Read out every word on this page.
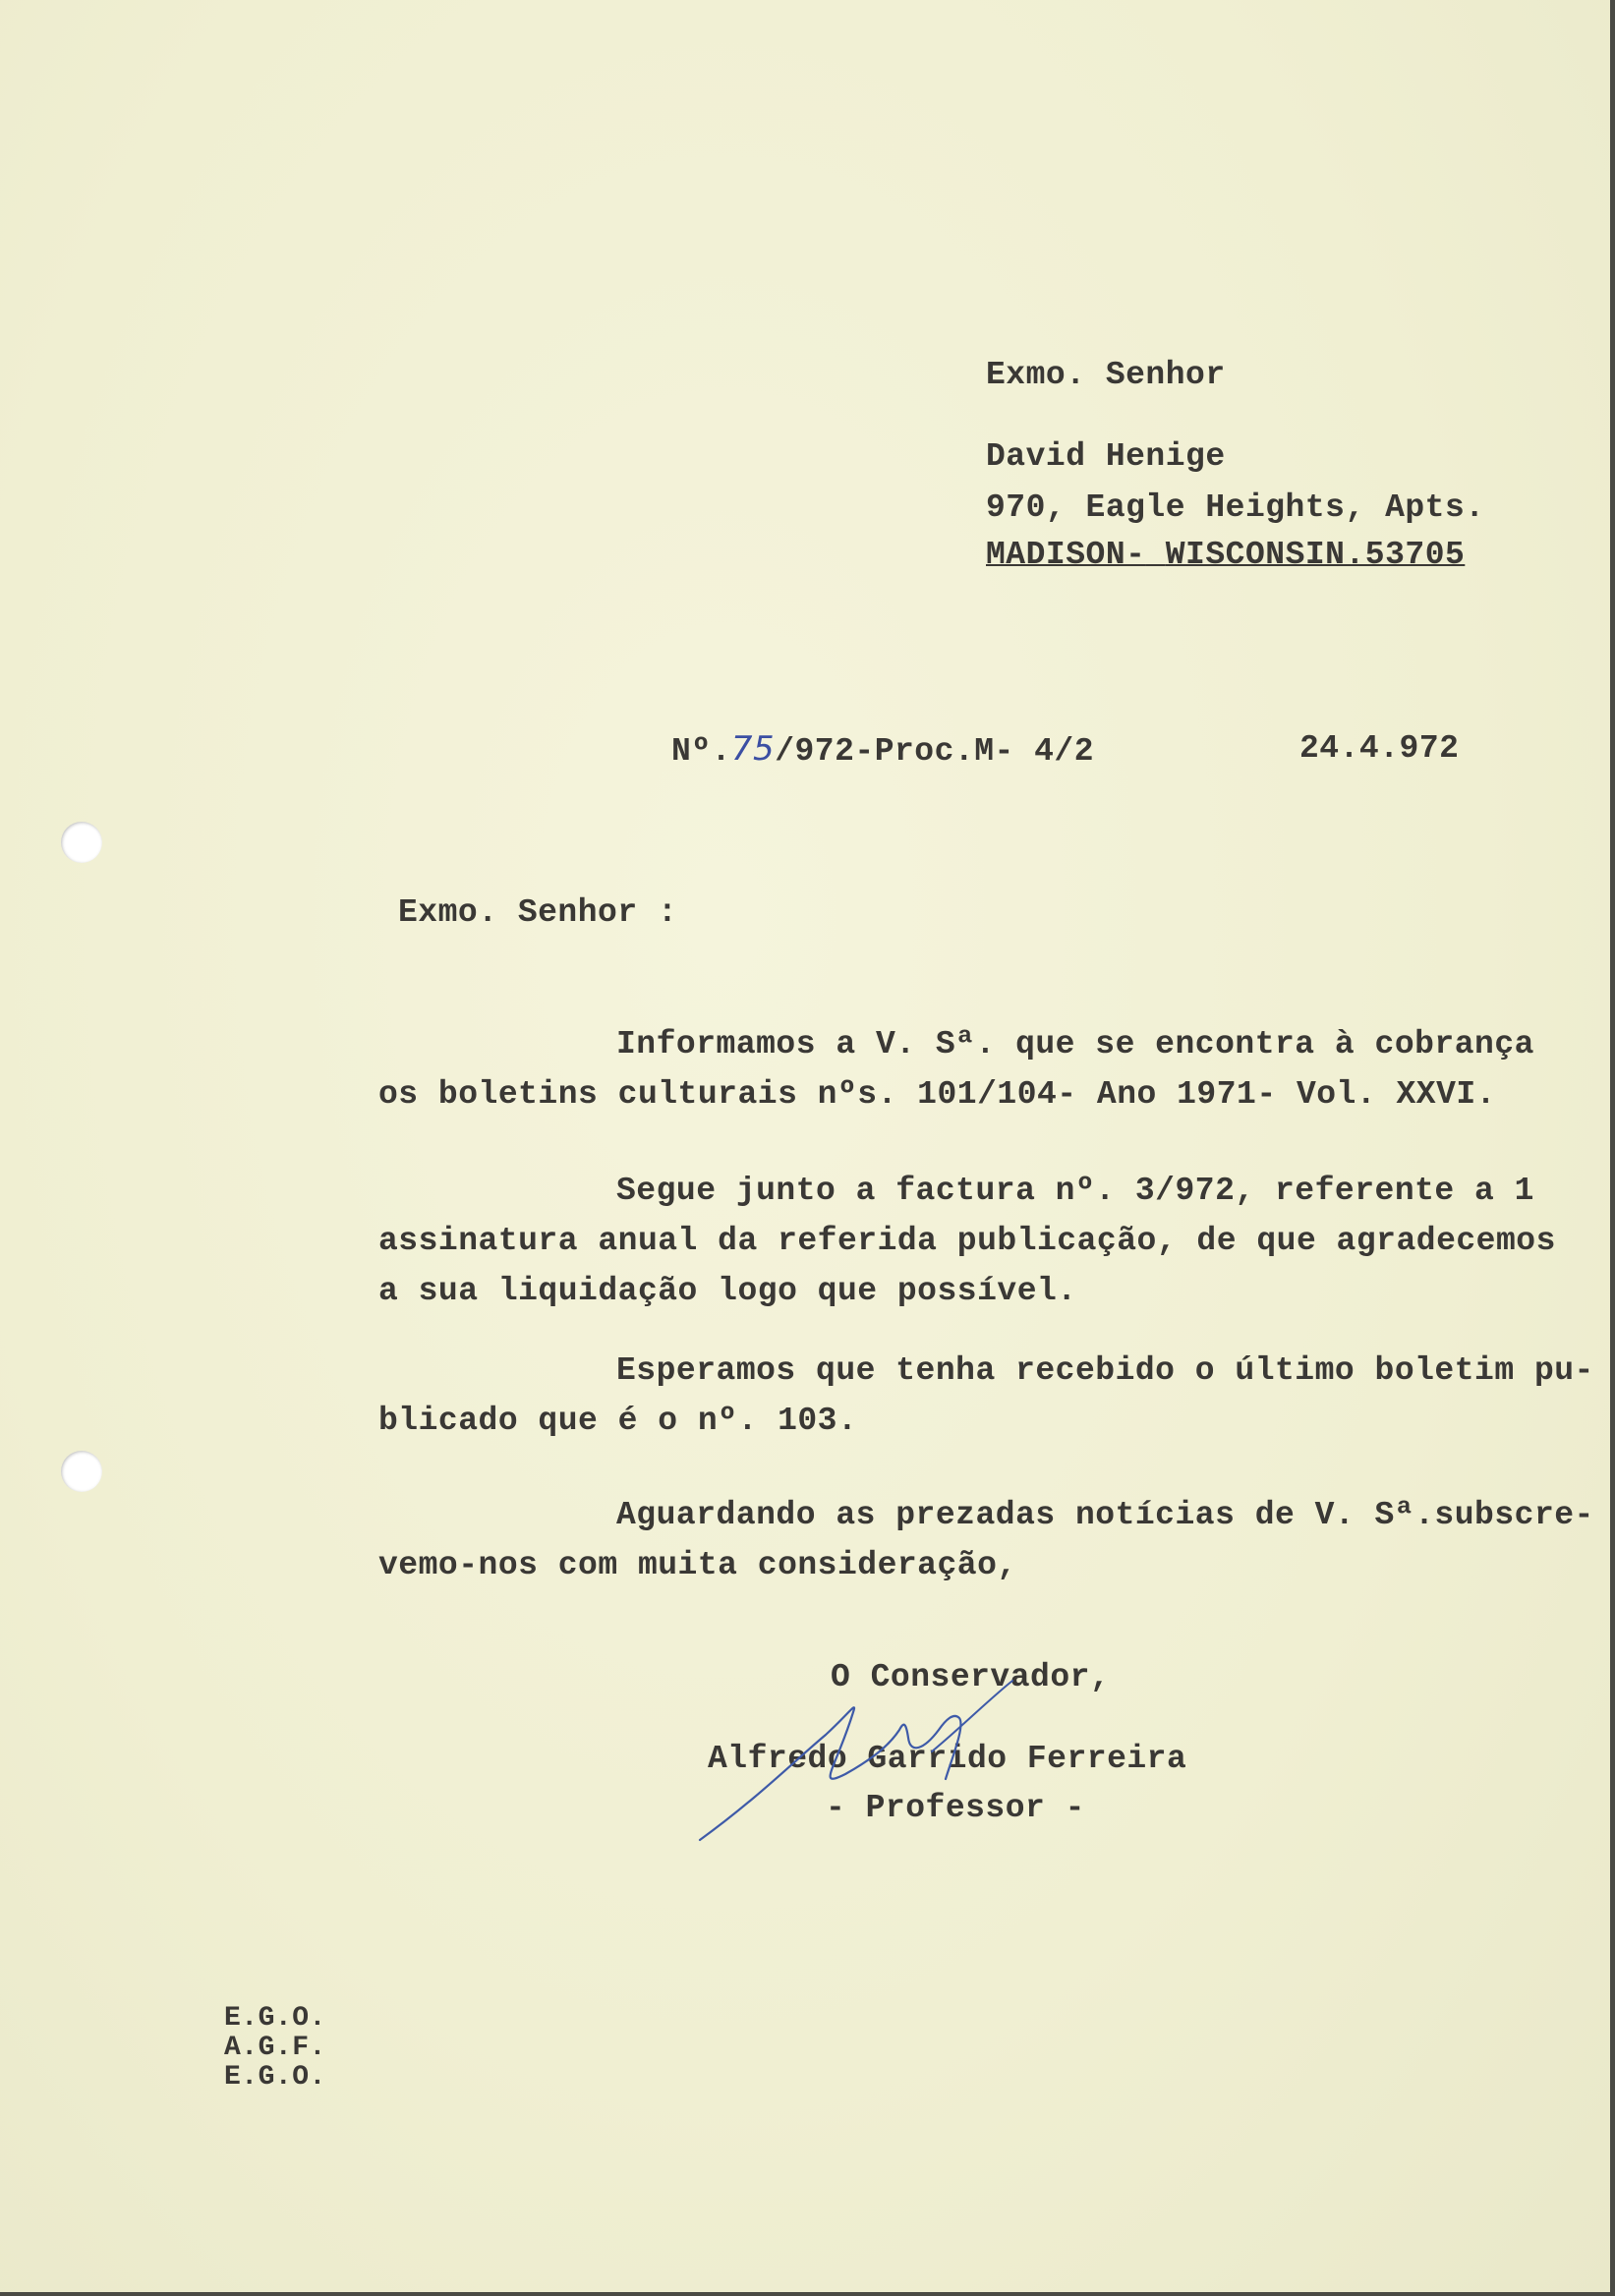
Exmo. Senhor
David Henige
970, Eagle Heights, Apts.
MADISON- WISCONSIN.53705
Nº.75/972-Proc.M- 4/2	24.4.972
Exmo. Senhor :
Informamos a V. Sª. que se encontra à cobrança
os boletins culturais nºs. 101/104- Ano 1971- Vol. XXVI.
Segue junto a factura nº. 3/972, referente a 1
assinatura anual da referida publicação, de que agradecemos
a sua liquidação logo que possível.
Esperamos que tenha recebido o último boletim pu-
blicado que é o nº. 103.
Aguardando as prezadas notícias de V. Sª.subscre-
vemo-nos com muita consideração,
O Conservador,
Alfredo Garrido Ferreira
- Professor -
E.G.O.
A.G.F.
E.G.O.
